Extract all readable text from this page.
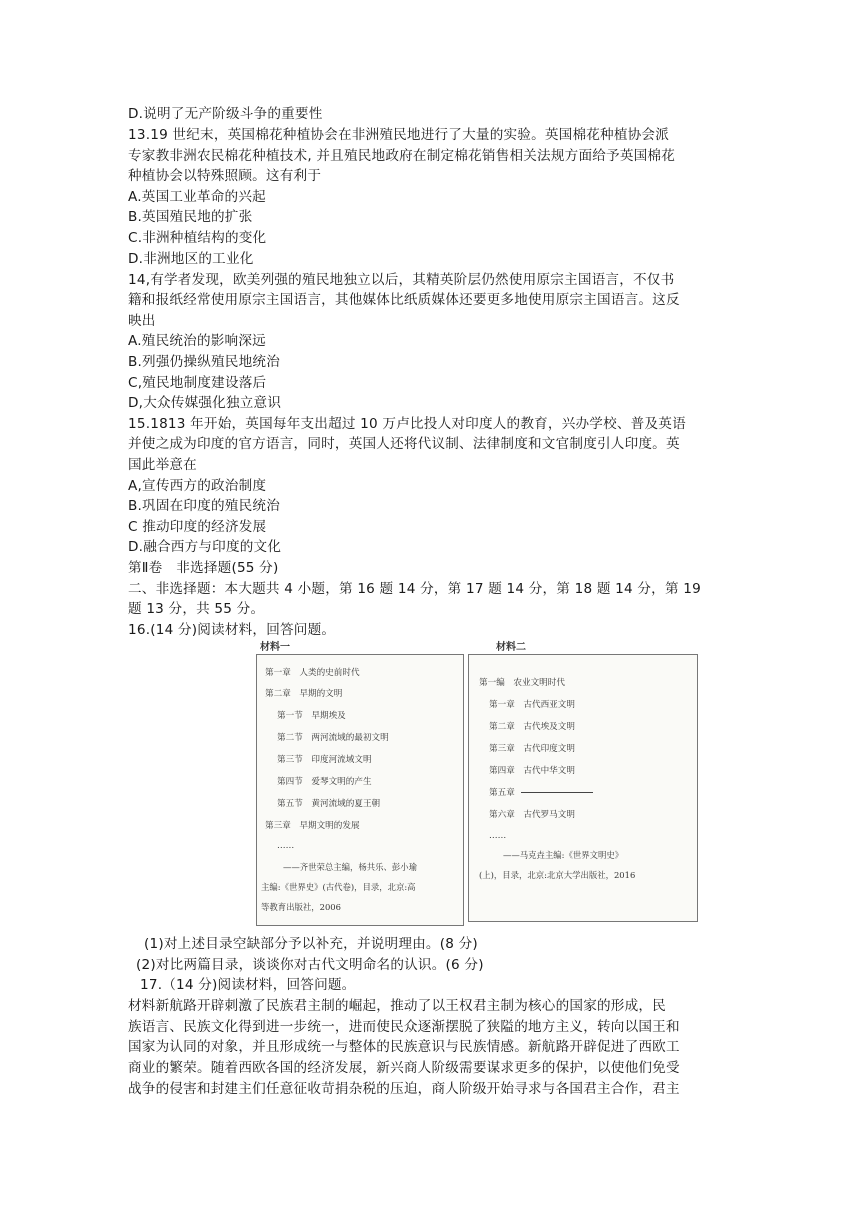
D.说明了无产阶级斗争的重要性
13.19 世纪末，英国棉花种植协会在非洲殖民地进行了大量的实验。英国棉花种植协会派
专家教非洲农民棉花种植技术, 并且殖民地政府在制定棉花销售相关法规方面给予英国棉花
种植协会以特殊照顾。这有利于
A.英国工业革命的兴起
B.英国殖民地的扩张
C.非洲种植结构的变化
D.非洲地区的工业化
14,有学者发现，欧美列强的殖民地独立以后，其精英阶层仍然使用原宗主国语言，不仅书
籍和报纸经常使用原宗主国语言，其他媒体比纸质媒体还要更多地使用原宗主国语言。这反
映出
A.殖民统治的影响深远
B.列强仍操纵殖民地统治
C,殖民地制度建设落后
D,大众传媒强化独立意识
15.1813 年开始，英国每年支出超过 10 万卢比投人对印度人的教育，兴办学校、普及英语
并使之成为印度的官方语言，同时，英国人还将代议制、法律制度和文官制度引人印度。英
国此举意在
A,宣传西方的政治制度
B.巩固在印度的殖民统治
C 推动印度的经济发展
D.融合西方与印度的文化
第Ⅱ卷　非选择题(55 分)
二、非选择题：本大题共 4 小题，第 16 题 14 分，第 17 题 14 分，第 18 题 14 分，第 19
题 13 分，共 55 分。
16.(14 分)阅读材料，回答问题。
材料一	材料二
第一章　人类的史前时代
第二章　早期的文明
第一节　早期埃及
第二节　两河流域的最初文明
第三节　印度河流域文明
第四节　爱琴文明的产生
第五节　黄河流域的夏王朝
第三章　早期文明的发展
……
——齐世荣总主编，杨共乐、彭小瑜
主编:《世界史》(古代卷)，目录，北京:高
等教育出版社，2006
第一编　农业文明时代
第一章　古代西亚文明
第二章　古代埃及文明
第三章　古代印度文明
第四章　古代中华文明
第五章
第六章　古代罗马文明
……
——马克垚主编:《世界文明史》
(上)，目录，北京:北京大学出版社，2016
(1)对上述目录空缺部分予以补充，并说明理由。(8 分)
(2)对比两篇目录，谈谈你对古代文明命名的认识。(6 分)
17.（14 分)阅读材料，回答问题。
材料新航路开辟刺激了民族君主制的崛起，推动了以王权君主制为核心的国家的形成，民
族语言、民族文化得到进一步统一，进而使民众逐渐摆脱了狭隘的地方主义，转向以国王和
国家为认同的对象，并且形成统一与整体的民族意识与民族情感。新航路开辟促进了西欧工
商业的繁荣。随着西欧各国的经济发展，新兴商人阶级需要谋求更多的保护，以使他们免受
战争的侵害和封建主们任意征收苛捐杂税的压迫，商人阶级开始寻求与各国君主合作，君主
